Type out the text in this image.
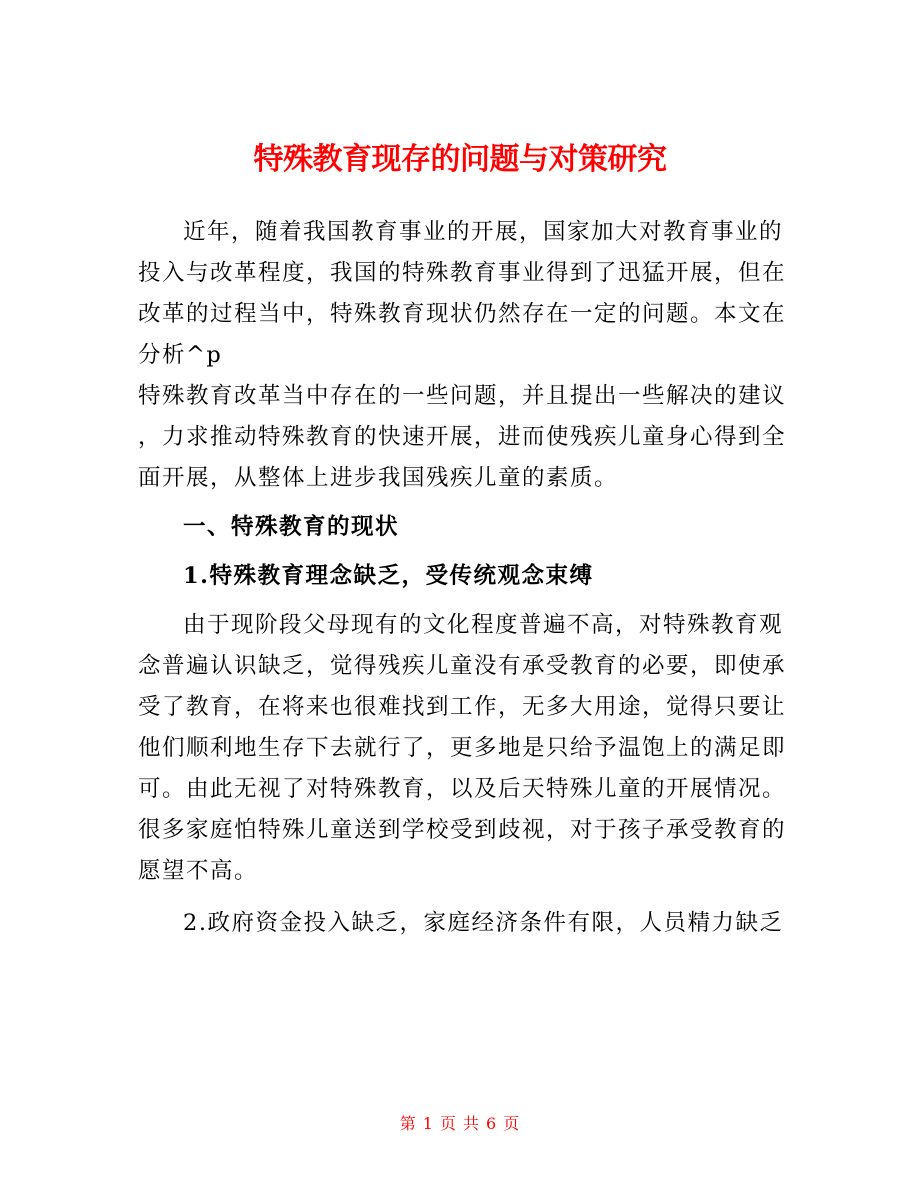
特殊教育现存的问题与对策研究
近年，随着我国教育事业的开展，国家加大对教育事业的
投入与改革程度，我国的特殊教育事业得到了迅猛开展，但在
改革的过程当中，特殊教育现状仍然存在一定的问题。本文在
分析^p
特殊教育改革当中存在的一些问题，并且提出一些解决的建议
，力求推动特殊教育的快速开展，进而使残疾儿童身心得到全
面开展，从整体上进步我国残疾儿童的素质。
一、特殊教育的现状
1.特殊教育理念缺乏，受传统观念束缚
由于现阶段父母现有的文化程度普遍不高，对特殊教育观
念普遍认识缺乏，觉得残疾儿童没有承受教育的必要，即使承
受了教育，在将来也很难找到工作，无多大用途，觉得只要让
他们顺利地生存下去就行了，更多地是只给予温饱上的满足即
可。由此无视了对特殊教育，以及后天特殊儿童的开展情况。
很多家庭怕特殊儿童送到学校受到歧视，对于孩子承受教育的
愿望不高。
2.政府资金投入缺乏，家庭经济条件有限，人员精力缺乏
第 1 页 共 6 页
